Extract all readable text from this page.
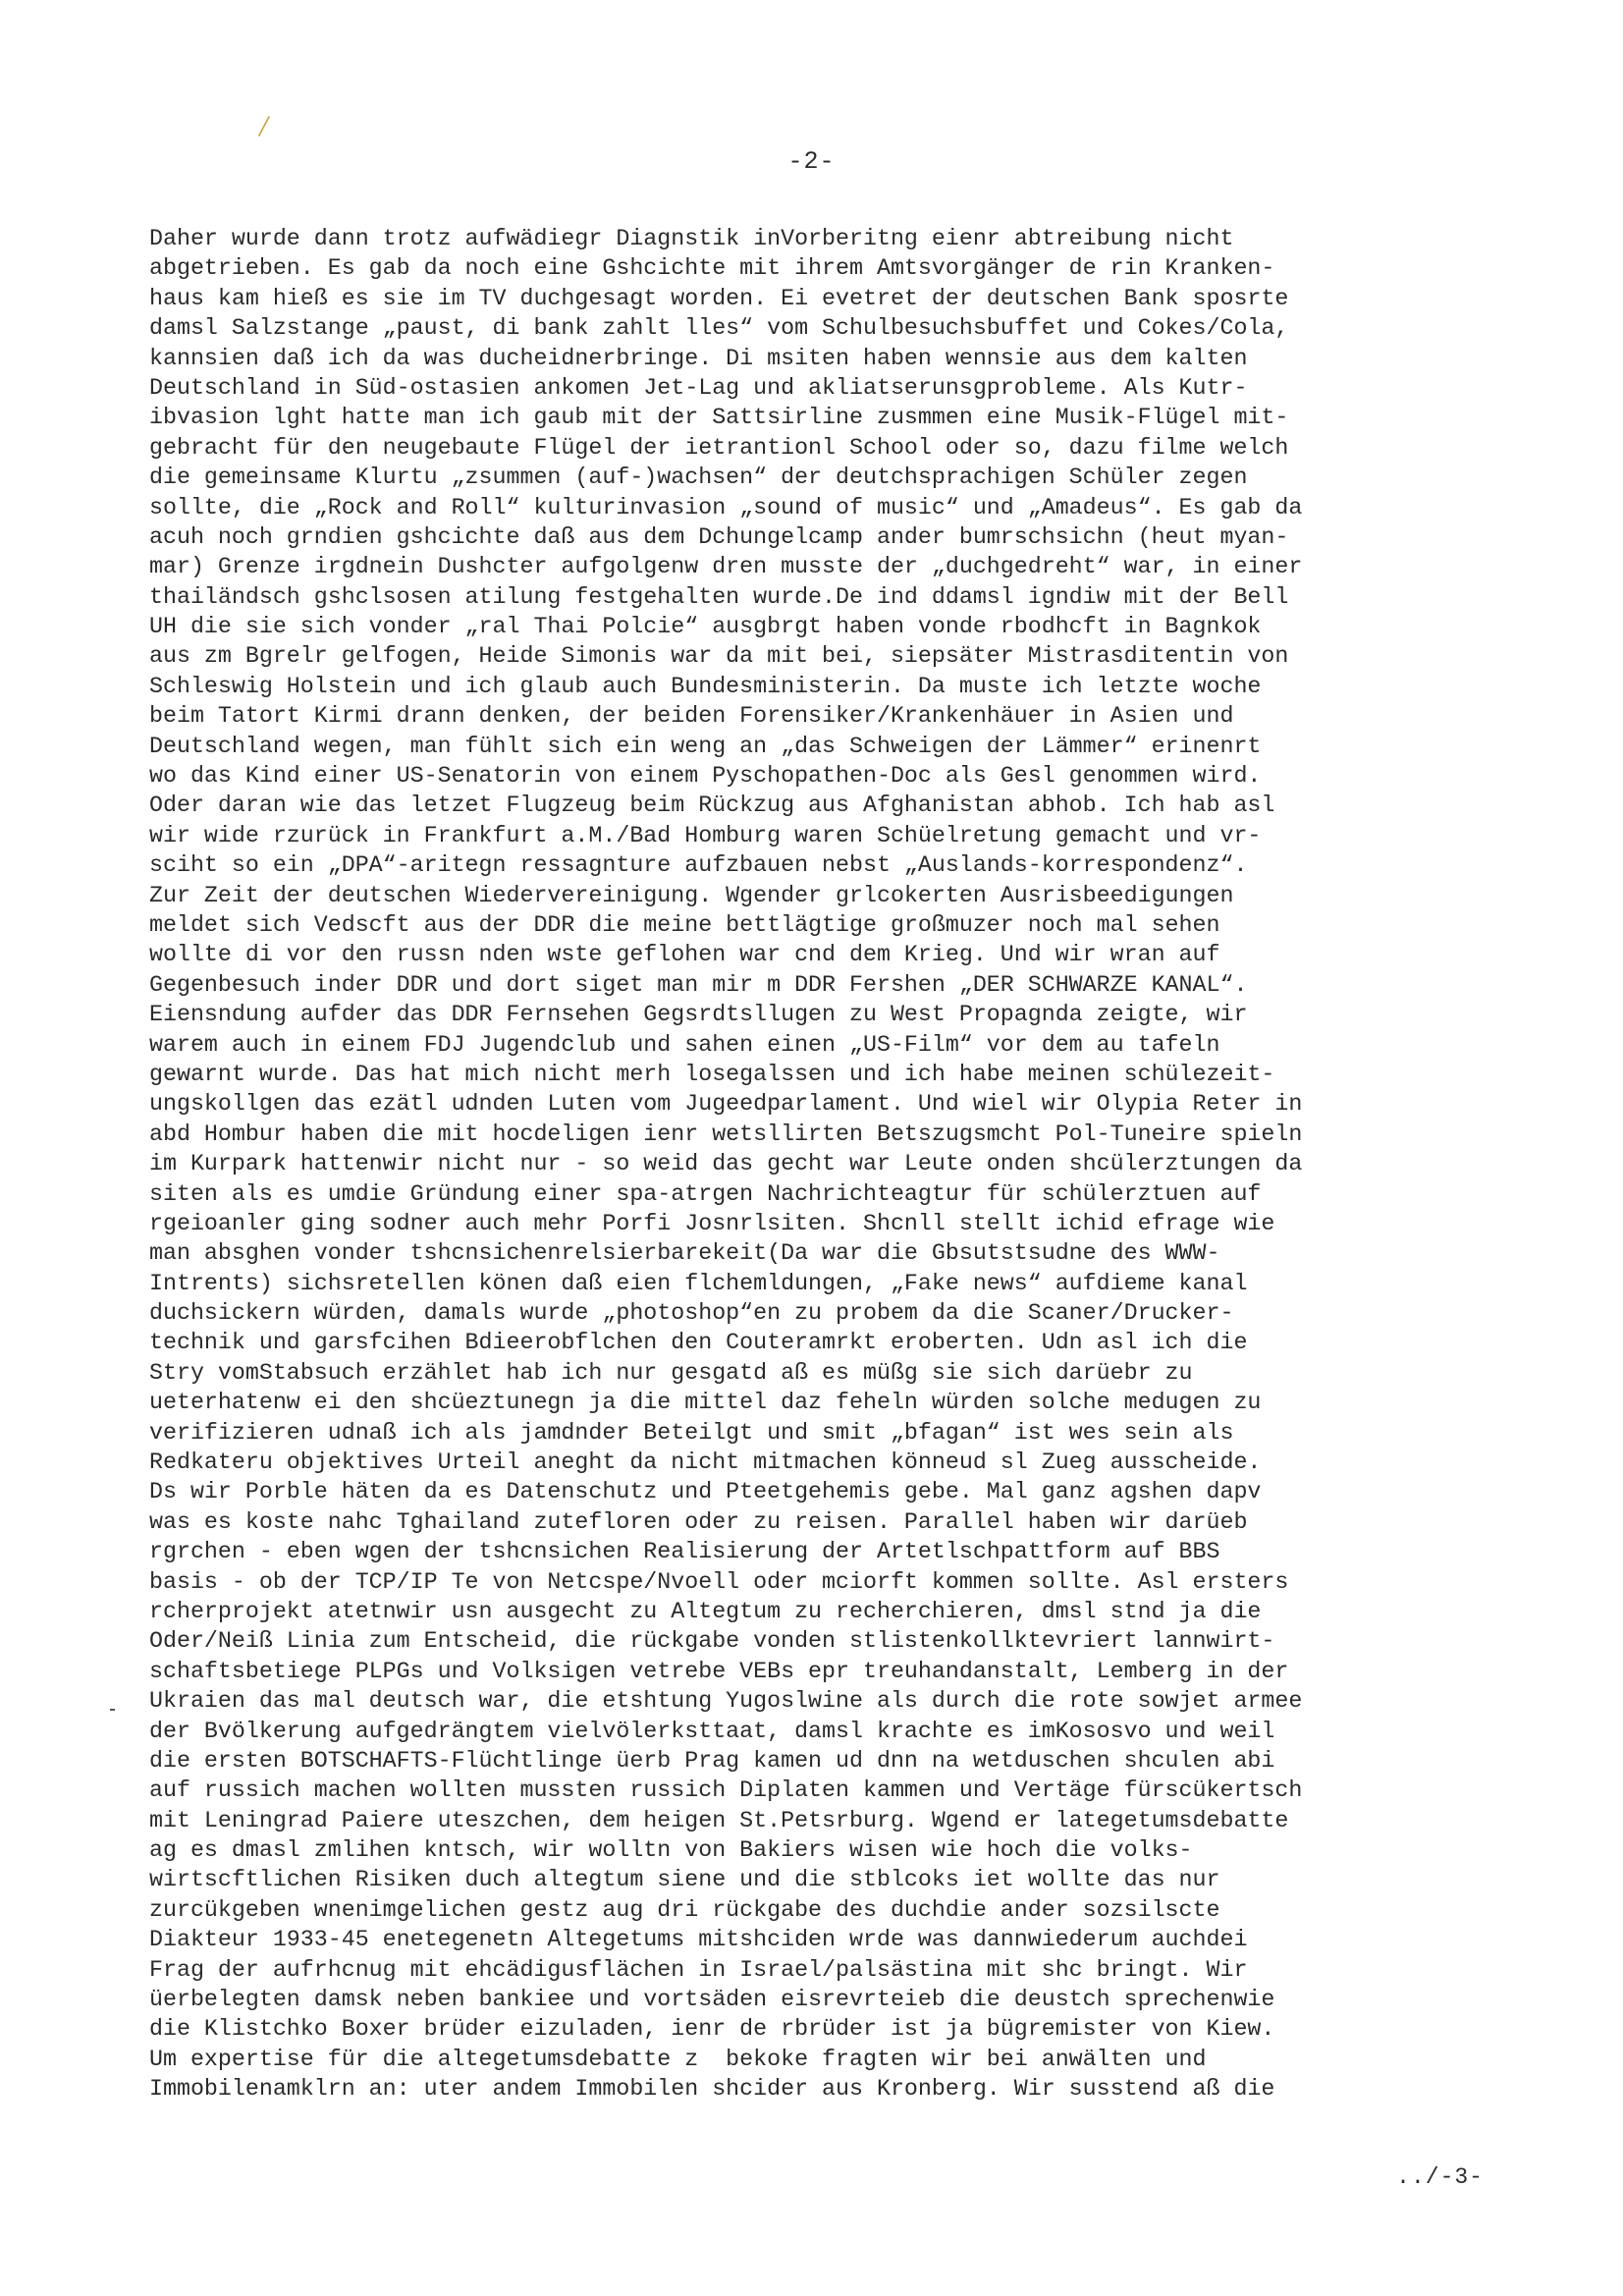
-2-
Daher wurde dann trotz aufwädiegr Diagnstik inVorberitng eienr abtreibung nicht
abgetrieben. Es gab da noch eine Gshcichte mit ihrem Amtsvorgänger de rin Kranken-
haus kam hieß es sie im TV duchgesagt worden. Ei evetret der deutschen Bank sposrte
damsl Salzstange „paust, di bank zahlt lles“ vom Schulbesuchsbuffet und Cokes/Cola,
kannsien daß ich da was ducheidnerbringe. Di msiten haben wennsie aus dem kalten
Deutschland in Süd-ostasien ankomen Jet-Lag und akliatserunsgprobleme. Als Kutr-
ibvasion lght hatte man ich gaub mit der Sattsirline zusmmen eine Musik-Flügel mit-
gebracht für den neugebaute Flügel der ietrantionl School oder so, dazu filme welch
die gemeinsame Klurtu „zsummen (auf-)wachsen“ der deutchsprachigen Schüler zegen
sollte, die „Rock and Roll“ kulturinvasion „sound of music“ und „Amadeus“. Es gab da
acuh noch grndien gshcichte daß aus dem Dchungelcamp ander bumrschsichn (heut myan-
mar) Grenze irgdnein Dushcter aufgolgenw dren musste der „duchgedreht“ war, in einer
thailändsch gshclsosen atilung festgehalten wurde.De ind ddamsl igndiw mit der Bell
UH die sie sich vonder „ral Thai Polcie“ ausgbrgt haben vonde rbodhcft in Bagnkok
aus zm Bgrelr gelfogen, Heide Simonis war da mit bei, siepsäter Mistrasditentin von
Schleswig Holstein und ich glaub auch Bundesministerin. Da muste ich letzte woche
beim Tatort Kirmi drann denken, der beiden Forensiker/Krankenhäuer in Asien und
Deutschland wegen, man fühlt sich ein weng an „das Schweigen der Lämmer“ erinenrt
wo das Kind einer US-Senatorin von einem Pyschopathen-Doc als Gesl genommen wird.
Oder daran wie das letzet Flugzeug beim Rückzug aus Afghanistan abhob. Ich hab asl
wir wide rzurück in Frankfurt a.M./Bad Homburg waren Schüelretung gemacht und vr-
sciht so ein „DPA“-aritegn ressagnture aufzbauen nebst „Auslands-korrespondenz“.
Zur Zeit der deutschen Wiedervereinigung. Wgender grlcokerten Ausrisbeedigungen
meldet sich Vedscft aus der DDR die meine bettlägtige großmuzer noch mal sehen
wollte di vor den russn nden wste geflohen war cnd dem Krieg. Und wir wran auf
Gegenbesuch inder DDR und dort siget man mir m DDR Fershen „DER SCHWARZE KANAL“.
Eiensndung aufder das DDR Fernsehen Gegsrdtsllugen zu West Propagnda zeigte, wir
warem auch in einem FDJ Jugendclub und sahen einen „US-Film“ vor dem au tafeln
gewarnt wurde. Das hat mich nicht merh losegalssen und ich habe meinen schülezeit-
ungskollgen das ezätl udnden Luten vom Jugeedparlament. Und wiel wir Olypia Reter in
abd Hombur haben die mit hocdeligen ienr wetsllirten Betszugsmcht Pol-Tuneire spieln
im Kurpark hattenwir nicht nur - so weid das gecht war Leute onden shcülerztungen da
siten als es umdie Gründung einer spa-atrgen Nachrichteagtur für schülerztuen auf
rgeioanler ging sodner auch mehr Porfi Josnrlsiten. Shcnll stellt ichid efrage wie
man absghen vonder tshcnsichenrelsierbarekeit(Da war die Gbsutstsudne des WWW-
Intrents) sichsretellen könen daß eien flchemldungen, „Fake news“ aufdieme kanal
duchsickern würden, damals wurde „photoshop“en zu probem da die Scaner/Drucker-
technik und garsfcihen Bdieerobflchen den Couteramrkt eroberten. Udn asl ich die
Stry vomStabsuch erzählet hab ich nur gesgatd aß es müßg sie sich darüebr zu
ueterhatenw ei den shcüeztunegn ja die mittel daz feheln würden solche medugen zu
verifizieren udnaß ich als jamdnder Beteilgt und smit „bfagan“ ist wes sein als
Redkateru objektives Urteil aneght da nicht mitmachen könneud sl Zueg ausscheide.
Ds wir Porble häten da es Datenschutz und Pteetgehemis gebe. Mal ganz agshen dapv
was es koste nahc Tghailand zutefloren oder zu reisen. Parallel haben wir darüeb
rgrchen - eben wgen der tshcnsichen Realisierung der Artetlschpattform auf BBS
basis - ob der TCP/IP Te von Netcspe/Nvoell oder mciorft kommen sollte. Asl ersters
rcherprojekt atetnwir usn ausgecht zu Altegtum zu recherchieren, dmsl stnd ja die
Oder/Neiß Linia zum Entscheid, die rückgabe vonden stlistenkollktevriert lannwirt-
schaftsbetiege PLPGs und Volksigen vetrebe VEBs epr treuhandanstalt, Lemberg in der
Ukraien das mal deutsch war, die etshtung Yugoslwine als durch die rote sowjet armee
der Bvölkerung aufgedrängtem vielvölerksttaat, damsl krachte es imKososvo und weil
die ersten BOTSCHAFTS-Flüchtlinge üerb Prag kamen ud dnn na wetduschen shculen abi
auf russich machen wollten mussten russich Diplaten kammen und Vertäge fürscükertsch
mit Leningrad Paiere uteszchen, dem heigen St.Petsrburg. Wgend er lategetumsdebatte
ag es dmasl zmlihen kntsch, wir wolltn von Bakiers wisen wie hoch die volks-
wirtscftlichen Risiken duch altegtum siene und die stblcoks iet wollte das nur
zurcükgeben wnenimgelichen gestz aug dri rückgabe des duchdie ander sozsilscte
Diakteur 1933-45 enetegenetn Altegetums mitshciden wrde was dannwiederum auchdei
Frag der aufrhcnug mit ehcädigusflächen in Israel/palsästina mit shc bringt. Wir
üerbelegten damsk neben bankiee und vortsäden eisrevrteieb die deustch sprechenwie
die Klistchko Boxer brüder eizuladen, ienr de rbrüder ist ja bügremister von Kiew.
Um expertise für die altegetumsdebatte z  bekoke fragten wir bei anwälten und
Immobilenamklrn an: uter andem Immobilen shcider aus Kronberg. Wir susstend aß die
../-3-
